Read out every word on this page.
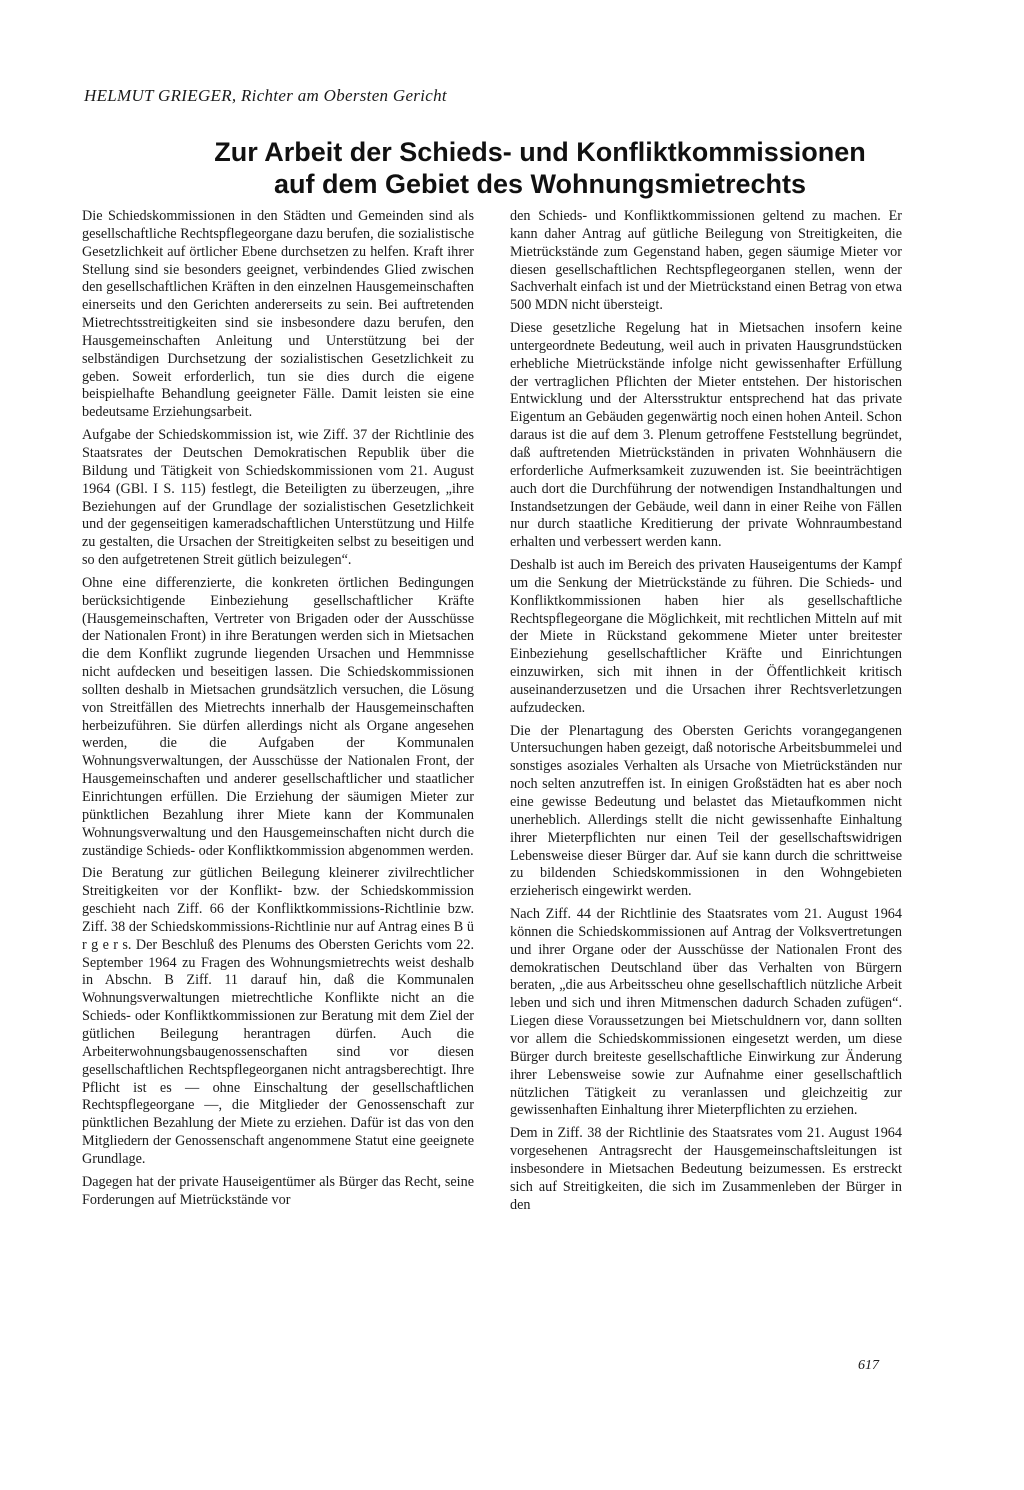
HELMUT GRIEGER, Richter am Obersten Gericht

Zur Arbeit der Schieds- und Konfliktkommissionen
auf dem Gebiet des Wohnungsmietrechts

Die Schiedskommissionen in den Städten und Gemeinden sind als gesellschaftliche Rechtspflegeorgane dazu berufen, die sozialistische Gesetzlichkeit auf örtlicher Ebene durchsetzen zu helfen. Kraft ihrer Stellung sind sie besonders geeignet, verbindendes Glied zwischen den gesellschaftlichen Kräften in den einzelnen Hausgemeinschaften einerseits und den Gerichten andererseits zu sein. Bei auftretenden Mietrechtsstreitigkeiten sind sie insbesondere dazu berufen, den Hausgemeinschaften Anleitung und Unterstützung bei der selbständigen Durchsetzung der sozialistischen Gesetzlichkeit zu geben. Soweit erforderlich, tun sie dies durch die eigene beispielhafte Behandlung geeigneter Fälle. Damit leisten sie eine bedeutsame Erziehungsarbeit.

Aufgabe der Schiedskommission ist, wie Ziff. 37 der Richtlinie des Staatsrates der Deutschen Demokratischen Republik über die Bildung und Tätigkeit von Schiedskommissionen vom 21. August 1964 (GBl. I S. 115) festlegt, die Beteiligten zu überzeugen, „ihre Beziehungen auf der Grundlage der sozialistischen Gesetzlichkeit und der gegenseitigen kameradschaftlichen Unterstützung und Hilfe zu gestalten, die Ursachen der Streitigkeiten selbst zu beseitigen und so den aufgetretenen Streit gütlich beizulegen“.

Ohne eine differenzierte, die konkreten örtlichen Bedingungen berücksichtigende Einbeziehung gesellschaftlicher Kräfte (Hausgemeinschaften, Vertreter von Brigaden oder der Ausschüsse der Nationalen Front) in ihre Beratungen werden sich in Mietsachen die dem Konflikt zugrunde liegenden Ursachen und Hemmnisse nicht aufdecken und beseitigen lassen. Die Schiedskommissionen sollten deshalb in Mietsachen grundsätzlich versuchen, die Lösung von Streitfällen des Mietrechts innerhalb der Hausgemeinschaften herbeizuführen. Sie dürfen allerdings nicht als Organe angesehen werden, die die Aufgaben der Kommunalen Wohnungsverwaltungen, der Ausschüsse der Nationalen Front, der Hausgemeinschaften und anderer gesellschaftlicher und staatlicher Einrichtungen erfüllen. Die Erziehung der säumigen Mieter zur pünktlichen Bezahlung ihrer Miete kann der Kommunalen Wohnungsverwaltung und den Hausgemeinschaften nicht durch die zuständige Schieds- oder Konfliktkommission abgenommen werden.

Die Beratung zur gütlichen Beilegung kleinerer zivilrechtlicher Streitigkeiten vor der Konflikt- bzw. der Schiedskommission geschieht nach Ziff. 66 der Konfliktkommissions-Richtlinie bzw. Ziff. 38 der Schiedskommissions-Richtlinie nur auf Antrag eines B ü r g e r s. Der Beschluß des Plenums des Obersten Gerichts vom 22. September 1964 zu Fragen des Wohnungsmietrechts weist deshalb in Abschn. B Ziff. 11 darauf hin, daß die Kommunalen Wohnungsverwaltungen mietrechtliche Konflikte nicht an die Schieds- oder Konfliktkommissionen zur Beratung mit dem Ziel der gütlichen Beilegung herantragen dürfen. Auch die Arbeiterwohnungsbaugenossenschaften sind vor diesen gesellschaftlichen Rechtspflegeorganen nicht antragsberechtigt. Ihre Pflicht ist es — ohne Einschaltung der gesellschaftlichen Rechtspflegeorgane —, die Mitglieder der Genossenschaft zur pünktlichen Bezahlung der Miete zu erziehen. Dafür ist das von den Mitgliedern der Genossenschaft angenommene Statut eine geeignete Grundlage.

Dagegen hat der private Hauseigentümer als Bürger das Recht, seine Forderungen auf Mietrückstände vor

den Schieds- und Konfliktkommissionen geltend zu machen. Er kann daher Antrag auf gütliche Beilegung von Streitigkeiten, die Mietrückstände zum Gegenstand haben, gegen säumige Mieter vor diesen gesellschaftlichen Rechtspflegeorganen stellen, wenn der Sachverhalt einfach ist und der Mietrückstand einen Betrag von etwa 500 MDN nicht übersteigt.

Diese gesetzliche Regelung hat in Mietsachen insofern keine untergeordnete Bedeutung, weil auch in privaten Hausgrundstücken erhebliche Mietrückstände infolge nicht gewissenhafter Erfüllung der vertraglichen Pflichten der Mieter entstehen. Der historischen Entwicklung und der Altersstruktur entsprechend hat das private Eigentum an Gebäuden gegenwärtig noch einen hohen Anteil. Schon daraus ist die auf dem 3. Plenum getroffene Feststellung begründet, daß auftretenden Mietrückständen in privaten Wohnhäusern die erforderliche Aufmerksamkeit zuzuwenden ist. Sie beeinträchtigen auch dort die Durchführung der notwendigen Instandhaltungen und Instandsetzungen der Gebäude, weil dann in einer Reihe von Fällen nur durch staatliche Kreditierung der private Wohnraumbestand erhalten und verbessert werden kann.

Deshalb ist auch im Bereich des privaten Hauseigentums der Kampf um die Senkung der Mietrückstände zu führen. Die Schieds- und Konfliktkommissionen haben hier als gesellschaftliche Rechtspflegeorgane die Möglichkeit, mit rechtlichen Mitteln auf mit der Miete in Rückstand gekommene Mieter unter breitester Einbeziehung gesellschaftlicher Kräfte und Einrichtungen einzuwirken, sich mit ihnen in der Öffentlichkeit kritisch auseinanderzusetzen und die Ursachen ihrer Rechtsverletzungen aufzudecken.

Die der Plenartagung des Obersten Gerichts vorangegangenen Untersuchungen haben gezeigt, daß notorische Arbeitsbummelei und sonstiges asoziales Verhalten als Ursache von Mietrückständen nur noch selten anzutreffen ist. In einigen Großstädten hat es aber noch eine gewisse Bedeutung und belastet das Mietaufkommen nicht unerheblich. Allerdings stellt die nicht gewissenhafte Einhaltung ihrer Mieterpflichten nur einen Teil der gesellschaftswidrigen Lebensweise dieser Bürger dar. Auf sie kann durch die schrittweise zu bildenden Schiedskommissionen in den Wohngebieten erzieherisch eingewirkt werden.

Nach Ziff. 44 der Richtlinie des Staatsrates vom 21. August 1964 können die Schiedskommissionen auf Antrag der Volksvertretungen und ihrer Organe oder der Ausschüsse der Nationalen Front des demokratischen Deutschland über das Verhalten von Bürgern beraten, „die aus Arbeitsscheu ohne gesellschaftlich nützliche Arbeit leben und sich und ihren Mitmenschen dadurch Schaden zufügen“. Liegen diese Voraussetzungen bei Mietschuldnern vor, dann sollten vor allem die Schiedskommissionen eingesetzt werden, um diese Bürger durch breiteste gesellschaftliche Einwirkung zur Änderung ihrer Lebensweise sowie zur Aufnahme einer gesellschaftlich nützlichen Tätigkeit zu veranlassen und gleichzeitig zur gewissenhaften Einhaltung ihrer Mieterpflichten zu erziehen.

Dem in Ziff. 38 der Richtlinie des Staatsrates vom 21. August 1964 vorgesehenen Antragsrecht der Hausgemeinschaftsleitungen ist insbesondere in Mietsachen Bedeutung beizumessen. Es erstreckt sich auf Streitigkeiten, die sich im Zusammenleben der Bürger in den

617
